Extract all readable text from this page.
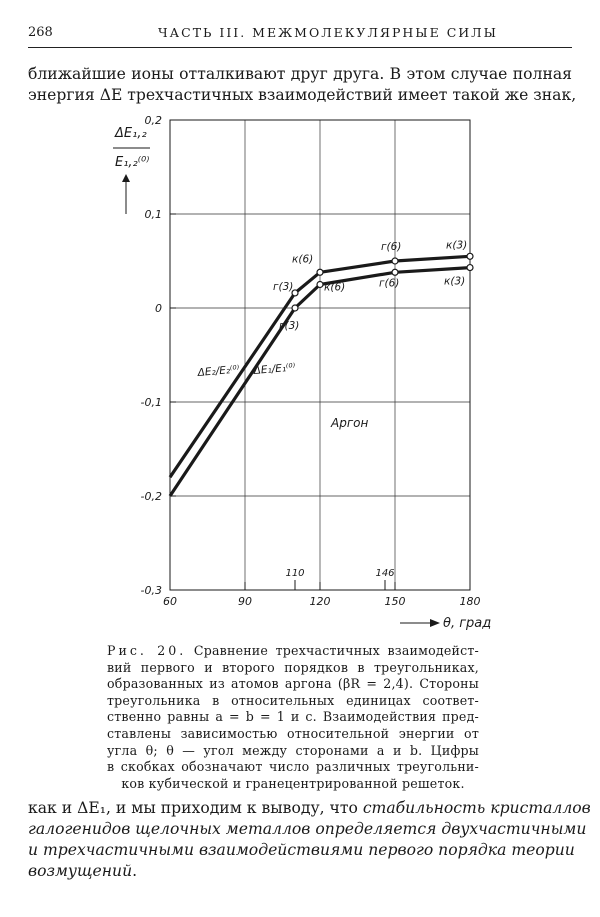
268	ЧАСТЬ III. МЕЖМОЛЕКУЛЯРНЫЕ СИЛЫ
ближайшие ионы отталкивают друг друга. В этом случае полная
энергия ΔE трехчастичных взаимодействий имеет такой же знак,
60	90	120	150	180
0,2
0,1
0
-0,1
-0,2
-0,3
110	146
г(3)
к(6)
г(6)	к(3)
г(3)
к(6)	г(6)	к(3)
ΔE₁,₂
E₁,₂⁽⁰⁾
θ, град
ΔE₂/E₂⁽⁰⁾ ΔE₁/E₁⁽⁰⁾
Аргон
Рис. 20. Сравнение трехчастичных взаимодейст-
вий первого и второго порядков в треугольниках,
образованных из атомов аргона (βR = 2,4). Стороны
треугольника в относительных единицах соответ-
ственно равны a = b = 1 и c. Взаимодействия пред-
ставлены зависимостью относительной энергии от
угла θ; θ — угол между сторонами a и b. Цифры
в скобках обозначают число различных треугольни-
ков кубической и гранецентрированной решеток.
как и ΔE₁, и мы приходим к выводу, что стабильность кристаллов
галогенидов щелочных металлов определяется двухчастичными
и трехчастичными взаимодействиями первого порядка теории
возмущений.
